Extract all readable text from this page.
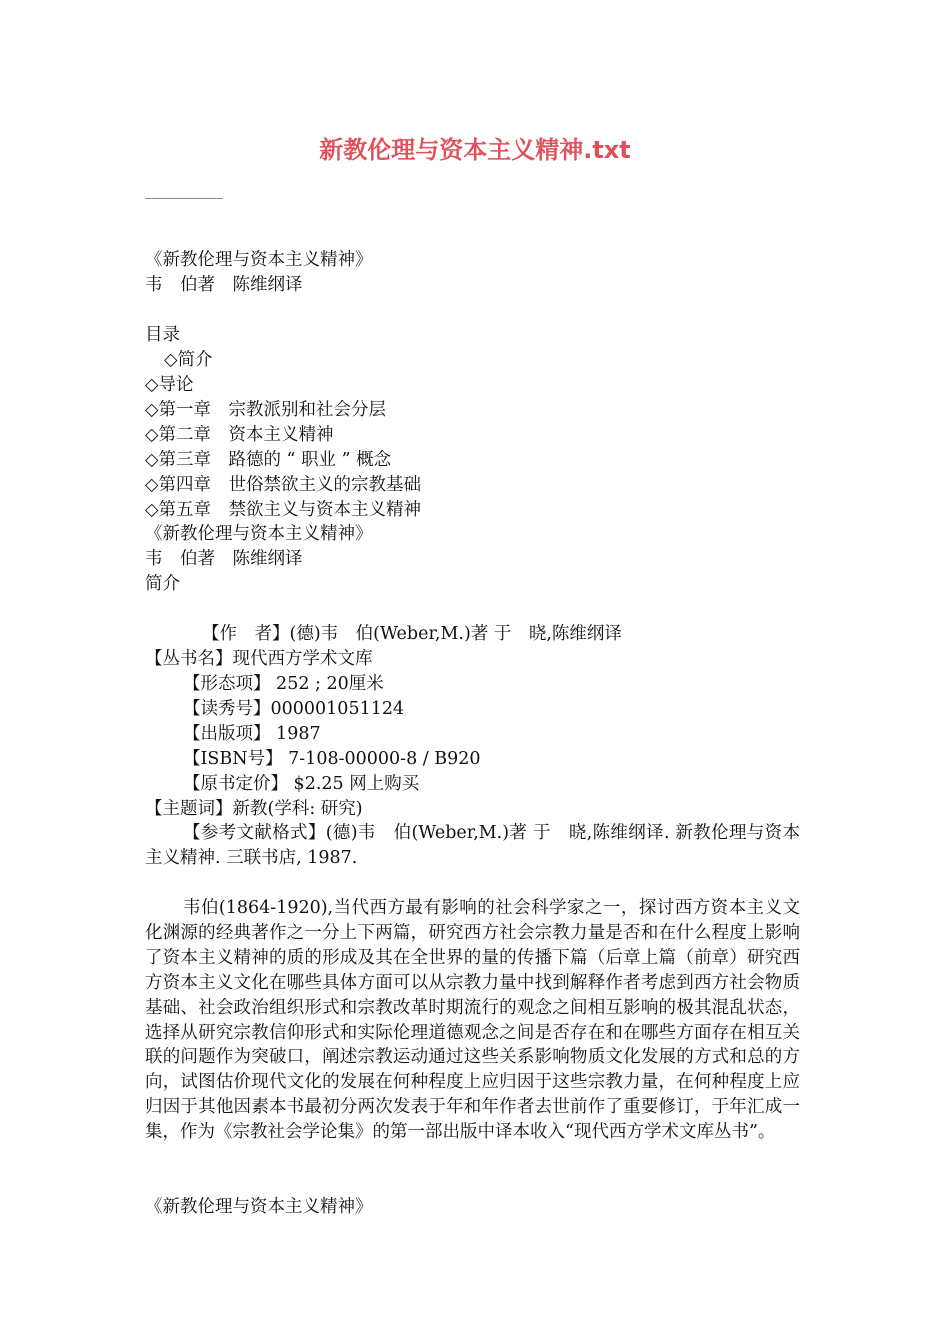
新教伦理与资本主义精神.txt
《新教伦理与资本主义精神》
韦　伯著　陈维纲译
目录
◇简介
◇导论
◇第一章　宗教派别和社会分层
◇第二章　资本主义精神
◇第三章　路德的 “ 职业 ” 概念
◇第四章　世俗禁欲主义的宗教基础
◇第五章　禁欲主义与资本主义精神
《新教伦理与资本主义精神》
韦　伯著　陈维纲译
简介
【作　者】(德)韦　伯(Weber,M.)著 于　晓,陈维纲译
【丛书名】现代西方学术文库
【形态项】 252 ; 20厘米
【读秀号】000001051124
【出版项】 1987
【ISBN号】 7-108-00000-8 / B920
【原书定价】 $2.25 网上购买
【主题词】新教(学科: 研究)

【参考文献格式】(德)韦　伯(Weber,M.)著 于　晓,陈维纲译. 新教伦理与资本主义精神. 三联书店, 1987.

韦伯(1864-1920),当代西方最有影响的社会科学家之一，探讨西方资本主义文化渊源的经典著作之一分上下两篇，研究西方社会宗教力量是否和在什么程度上影响了资本主义精神的质的形成及其在全世界的量的传播下篇（后章上篇（前章）研究西方资本主义文化在哪些具体方面可以从宗教力量中找到解释作者考虑到西方社会物质基础、社会政治组织形式和宗教改革时期流行的观念之间相互影响的极其混乱状态，选择从研究宗教信仰形式和实际伦理道德观念之间是否存在和在哪些方面存在相互关联的问题作为突破口，阐述宗教运动通过这些关系影响物质文化发展的方式和总的方向，试图估价现代文化的发展在何种程度上应归因于这些宗教力量，在何种程度上应归因于其他因素本书最初分两次发表于年和年作者去世前作了重要修订，于年汇成一集，作为《宗教社会学论集》的第一部出版中译本收入“现代西方学术文库丛书”。

《新教伦理与资本主义精神》
